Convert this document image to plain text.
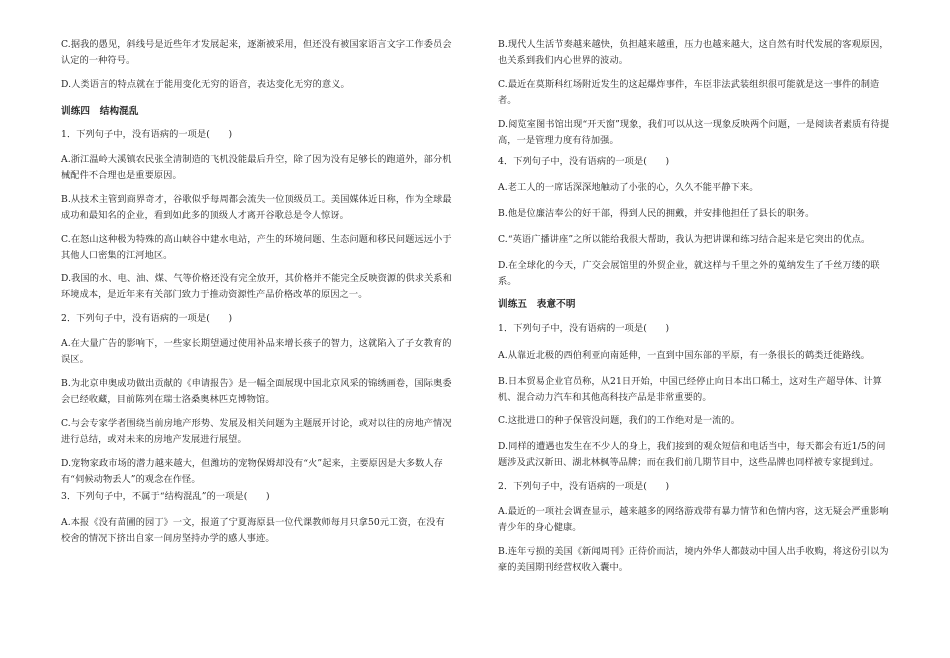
C.据我的愚见，斜线号是近些年才发展起来，逐渐被采用，但还没有被国家语言文字工作委员会认定的一种符号。

D.人类语言的特点就在于能用变化无穷的语音，表达变化无穷的意义。

训练四　结构混乱

1．下列句子中，没有语病的一项是(　　)

A.浙江温岭大溪镇农民张全清制造的飞机没能最后升空，除了因为没有足够长的跑道外，部分机械配件不合理也是重要原因。

B.从技术主管到商界奇才，谷歌似乎每周都会流失一位顶级员工。美国媒体近日称，作为全球最成功和最知名的企业，看到如此多的顶级人才离开谷歌总是令人惊讶。

C.在怒山这种极为特殊的高山峡谷中建水电站，产生的环境问题、生态问题和移民问题远远小于其他人口密集的江河地区。

D.我国的水、电、油、煤、气等价格还没有完全放开，其价格并不能完全反映资源的供求关系和环境成本，是近年来有关部门致力于推动资源性产品价格改革的原因之一。

2．下列句子中，没有语病的一项是(　　)

A.在大量广告的影响下，一些家长期望通过使用补品来增长孩子的智力，这就陷入了子女教育的误区。

B.为北京申奥成功做出贡献的《申请报告》是一幅全面展现中国北京风采的锦绣画卷，国际奥委会已经收藏，目前陈列在瑞士洛桑奥林匹克博物馆。

C.与会专家学者围绕当前房地产形势、发展及相关问题为主题展开讨论，或对以往的房地产情况进行总结，或对未来的房地产发展进行展望。

D.宠物家政市场的潜力越来越大，但潍坊的宠物保姆却没有“火”起来，主要原因是大多数人存有“伺候动物丢人”的观念在作怪。

3．下列句子中，不属于“结构混乱”的一项是(　　)

A.本报《没有苗圃的园丁》一文，报道了宁夏海原县一位代课教师每月只拿50元工资，在没有校舍的情况下挤出自家一间房坚持办学的感人事迹。

B.现代人生活节奏越来越快，负担越来越重，压力也越来越大，这自然有时代发展的客观原因，也关系到我们内心世界的波动。

C.最近在莫斯科红场附近发生的这起爆炸事件，车臣非法武装组织很可能就是这一事件的制造者。

D.阅览室图书馆出现“开天窗”现象，我们可以从这一现象反映两个问题，一是阅读者素质有待提高，一是管理力度有待加强。

4．下列句子中，没有语病的一项是(　　)

A.老工人的一席话深深地触动了小张的心，久久不能平静下来。

B.他是位廉洁奉公的好干部，得到人民的拥戴，并安排他担任了县长的职务。

C.“英语广播讲座”之所以能给我很大帮助，我认为把讲课和练习结合起来是它突出的优点。

D.在全球化的今天，广交会展馆里的外贸企业，就这样与千里之外的蒐纳发生了千丝万缕的联系。

训练五　表意不明

1．下列句子中，没有语病的一项是(　　)

A.从靠近北极的西伯利亚向南延伸，一直到中国东部的平原，有一条很长的鹤类迁徙路线。

B.日本贸易企业官员称，从21日开始，中国已经停止向日本出口稀土，这对生产超导体、计算机、混合动力汽车和其他高科技产品是非常重要的。

C.这批进口的种子保管没问题，我们的工作绝对是一流的。

D.同样的遭遇也发生在不少人的身上，我们接到的观众短信和电话当中，每天都会有近1/5的问题涉及武汉新田、湖北林枫等品牌；而在我们前几期节目中，这些品牌也同样被专家提到过。

2．下列句子中，没有语病的一项是(　　)

A.最近的一项社会调查显示，越来越多的网络游戏带有暴力情节和色情内容，这无疑会严重影响青少年的身心健康。

B.连年亏损的美国《新闻周刊》正待价而沽，境内外华人都鼓动中国人出手收购，将这份引以为豪的美国期刊经营权收入囊中。
